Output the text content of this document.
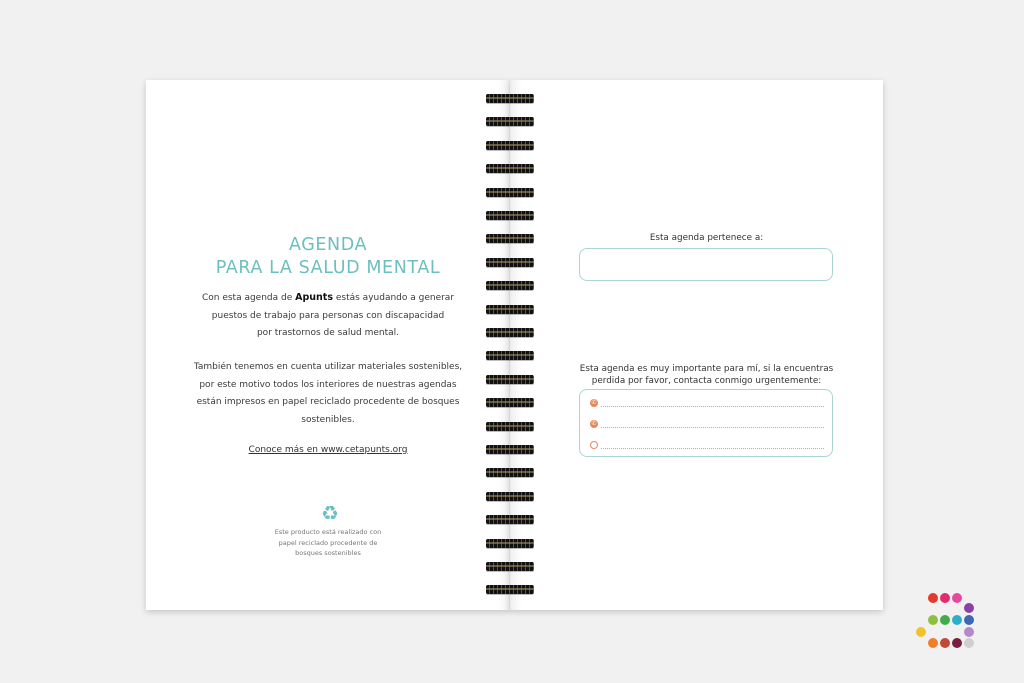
AGENDA
PARA LA SALUD MENTAL
Con esta agenda de Apunts estás ayudando a generar
puestos de trabajo para personas con discapacidad
por trastornos de salud mental.
También tenemos en cuenta utilizar materiales sostenibles,
por este motivo todos los interiores de nuestras agendas
están impresos en papel reciclado procedente de bosques
sostenibles.
Conoce más en www.cetapunts.org
♻
Este producto está realizado con
papel reciclado procedente de
bosques sostenibles
Esta agenda pertenece a:
Esta agenda es muy importante para mí, si la encuentras
perdida por favor, contacta conmigo urgentemente:
✆
✆
